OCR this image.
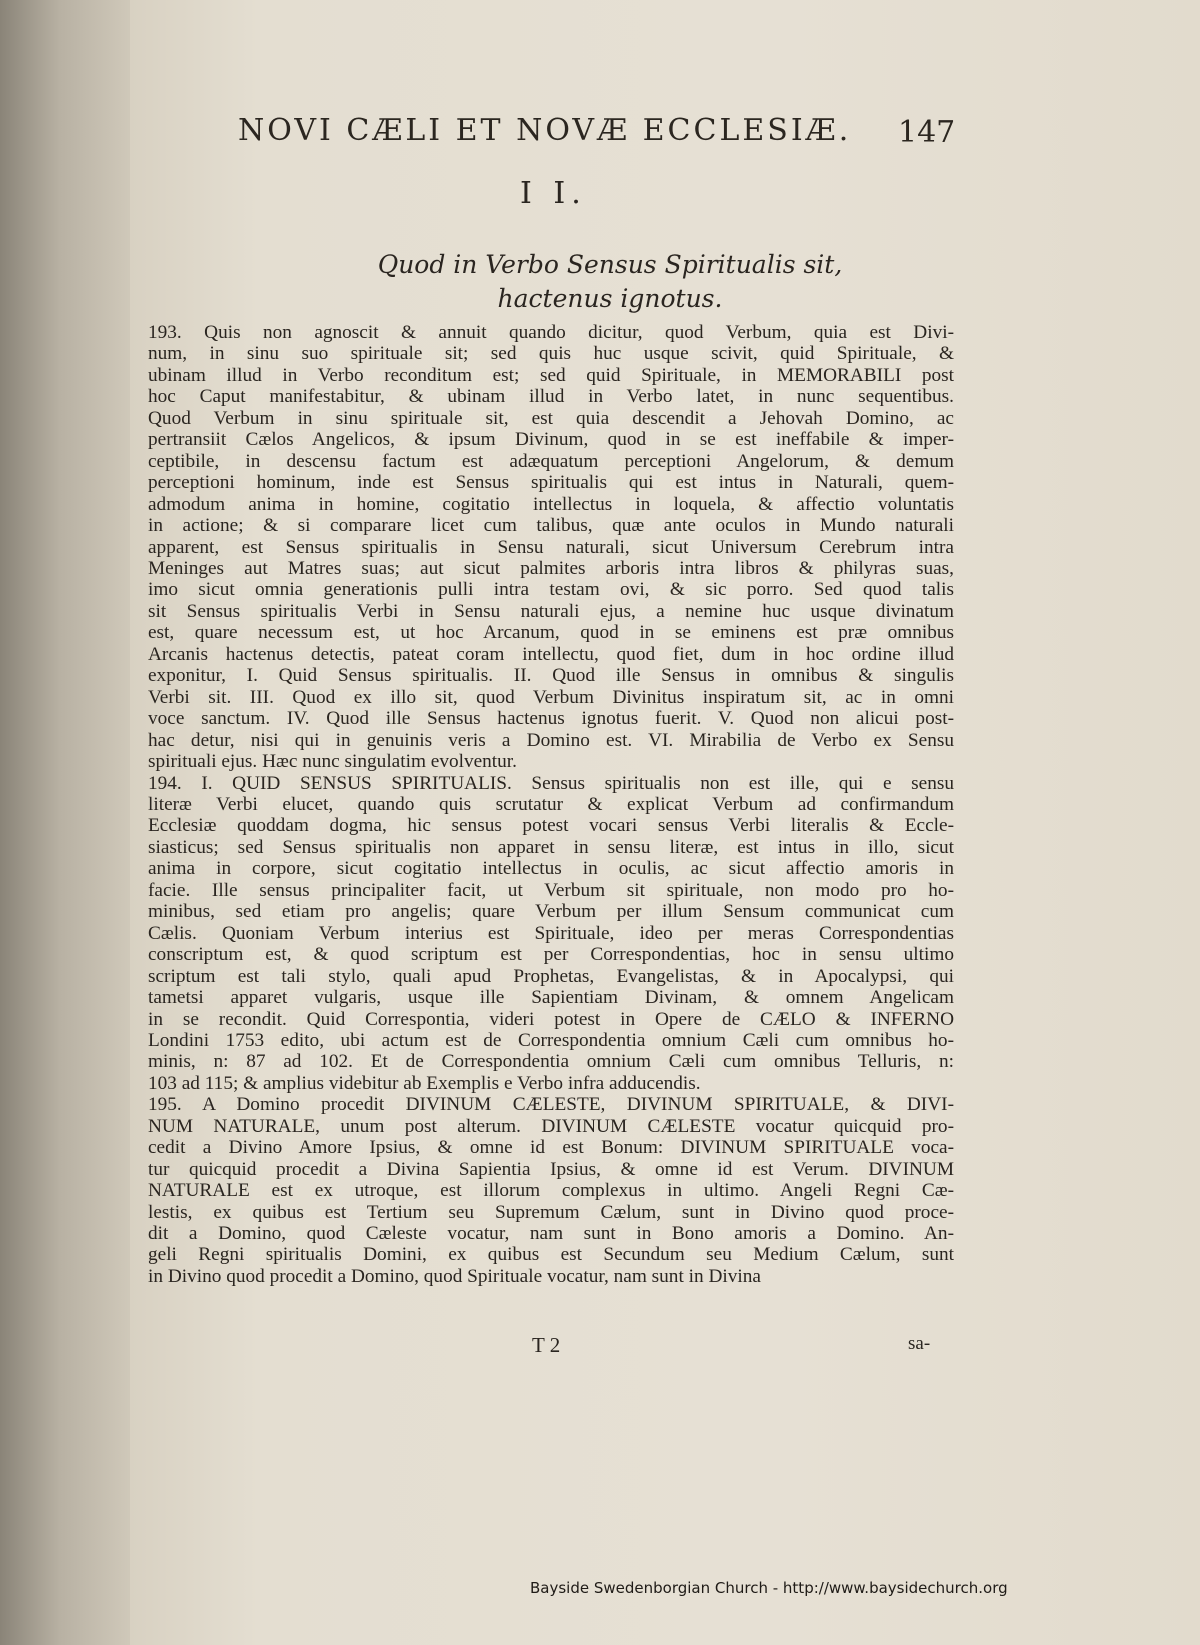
NOVI CÆLI ET NOVÆ ECCLESIÆ.	147
I I.
Quod in Verbo Sensus Spiritualis sit,
hactenus ignotus.
193. Quis non agnoscit & annuit quando dicitur, quod Verbum, quia est Divi-
num, in sinu suo spirituale sit; sed quis huc usque scivit, quid Spirituale, &
ubinam illud in Verbo reconditum est; sed quid Spirituale, in MEMORABILI post
hoc Caput manifestabitur, & ubinam illud in Verbo latet, in nunc sequentibus.
Quod Verbum in sinu spirituale sit, est quia descendit a Jehovah Domino, ac
pertransiit Cælos Angelicos, & ipsum Divinum, quod in se est ineffabile & imper-
ceptibile, in descensu factum est adæquatum perceptioni Angelorum, & demum
perceptioni hominum, inde est Sensus spiritualis qui est intus in Naturali, quem-
admodum anima in homine, cogitatio intellectus in loquela, & affectio voluntatis
in actione; & si comparare licet cum talibus, quæ ante oculos in Mundo naturali
apparent, est Sensus spiritualis in Sensu naturali, sicut Universum Cerebrum intra
Meninges aut Matres suas; aut sicut palmites arboris intra libros & philyras suas,
imo sicut omnia generationis pulli intra testam ovi, & sic porro. Sed quod talis
sit Sensus spiritualis Verbi in Sensu naturali ejus, a nemine huc usque divinatum
est, quare necessum est, ut hoc Arcanum, quod in se eminens est præ omnibus
Arcanis hactenus detectis, pateat coram intellectu, quod fiet, dum in hoc ordine illud
exponitur, I. Quid Sensus spiritualis. II. Quod ille Sensus in omnibus & singulis
Verbi sit. III. Quod ex illo sit, quod Verbum Divinitus inspiratum sit, ac in omni
voce sanctum. IV. Quod ille Sensus hactenus ignotus fuerit. V. Quod non alicui post-
hac detur, nisi qui in genuinis veris a Domino est. VI. Mirabilia de Verbo ex Sensu
spirituali ejus. Hæc nunc singulatim evolventur.
194. I. QUID SENSUS SPIRITUALIS. Sensus spiritualis non est ille, qui e sensu
literæ Verbi elucet, quando quis scrutatur & explicat Verbum ad confirmandum
Ecclesiæ quoddam dogma, hic sensus potest vocari sensus Verbi literalis & Eccle-
siasticus; sed Sensus spiritualis non apparet in sensu literæ, est intus in illo, sicut
anima in corpore, sicut cogitatio intellectus in oculis, ac sicut affectio amoris in
facie. Ille sensus principaliter facit, ut Verbum sit spirituale, non modo pro ho-
minibus, sed etiam pro angelis; quare Verbum per illum Sensum communicat cum
Cælis. Quoniam Verbum interius est Spirituale, ideo per meras Correspondentias
conscriptum est, & quod scriptum est per Correspondentias, hoc in sensu ultimo
scriptum est tali stylo, quali apud Prophetas, Evangelistas, & in Apocalypsi, qui
tametsi apparet vulgaris, usque ille Sapientiam Divinam, & omnem Angelicam
in se recondit. Quid Correspontia, videri potest in Opere de CÆLO & INFERNO
Londini 1753 edito, ubi actum est de Correspondentia omnium Cæli cum omnibus ho-
minis, n: 87 ad 102. Et de Correspondentia omnium Cæli cum omnibus Telluris, n:
103 ad 115; & amplius videbitur ab Exemplis e Verbo infra adducendis.
195. A Domino procedit DIVINUM CÆLESTE, DIVINUM SPIRITUALE, & DIVI-
NUM NATURALE, unum post alterum. DIVINUM CÆLESTE vocatur quicquid pro-
cedit a Divino Amore Ipsius, & omne id est Bonum: DIVINUM SPIRITUALE voca-
tur quicquid procedit a Divina Sapientia Ipsius, & omne id est Verum. DIVINUM
NATURALE est ex utroque, est illorum complexus in ultimo. Angeli Regni Cæ-
lestis, ex quibus est Tertium seu Supremum Cælum, sunt in Divino quod proce-
dit a Domino, quod Cæleste vocatur, nam sunt in Bono amoris a Domino. An-
geli Regni spiritualis Domini, ex quibus est Secundum seu Medium Cælum, sunt
in Divino quod procedit a Domino, quod Spirituale vocatur, nam sunt in Divina
T 2	sa-
Bayside Swedenborgian Church - http://www.baysidechurch.org
